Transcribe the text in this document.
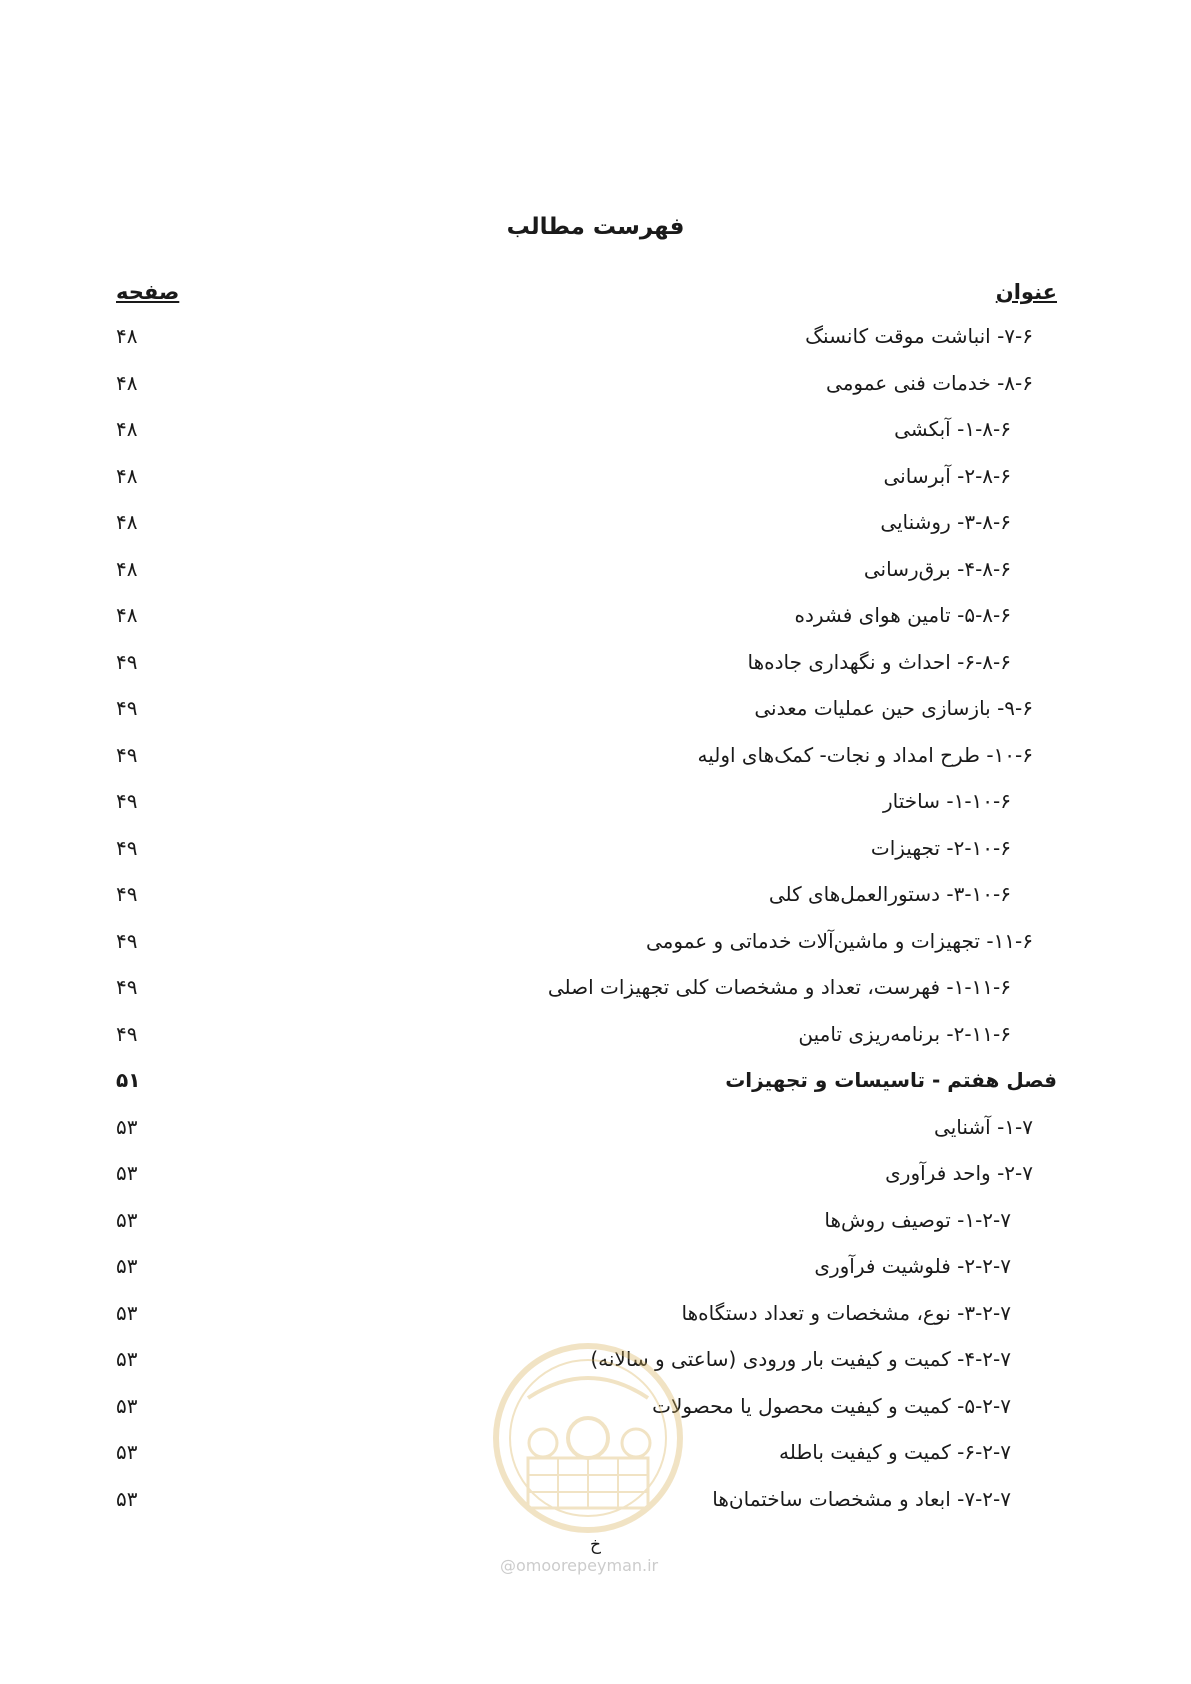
فهرست مطالب
عنوان
صفحه
۷-۶- انباشت موقت کانسنگ
۴۸
۸-۶- خدمات فنی عمومی
۴۸
۱-۸-۶- آبکشی
۴۸
۲-۸-۶- آبرسانی
۴۸
۳-۸-۶- روشنایی
۴۸
۴-۸-۶- برق‌رسانی
۴۸
۵-۸-۶- تامین هوای فشرده
۴۸
۶-۸-۶- احداث و نگهداری جاده‌ها
۴۹
۹-۶- بازسازی حین عملیات معدنی
۴۹
۱۰-۶- طرح امداد و نجات- کمک‌های اولیه
۴۹
۱-۱۰-۶- ساختار
۴۹
۲-۱۰-۶- تجهیزات
۴۹
۳-۱۰-۶- دستورالعمل‌های کلی
۴۹
۱۱-۶- تجهیزات و ماشین‌آلات خدماتی و عمومی
۴۹
۱-۱۱-۶- فهرست، تعداد و مشخصات کلی تجهیزات اصلی
۴۹
۲-۱۱-۶- برنامه‌ریزی تامین
۴۹
فصل هفتم - تاسیسات و تجهیزات
۵۱
۱-۷- آشنایی
۵۳
۲-۷- واحد فرآوری
۵۳
۱-۲-۷- توصیف روش‌ها
۵۳
۲-۲-۷- فلوشیت فرآوری
۵۳
۳-۲-۷- نوع، مشخصات و تعداد دستگاه‌ها
۵۳
۴-۲-۷- کمیت و کیفیت بار ورودی (ساعتی و سالانه)
۵۳
۵-۲-۷- کمیت و کیفیت محصول یا محصولات
۵۳
۶-۲-۷- کمیت و کیفیت باطله
۵۳
۷-۲-۷- ابعاد و مشخصات ساختمان‌ها
۵۳
خ
@omoorepeyman.ir
